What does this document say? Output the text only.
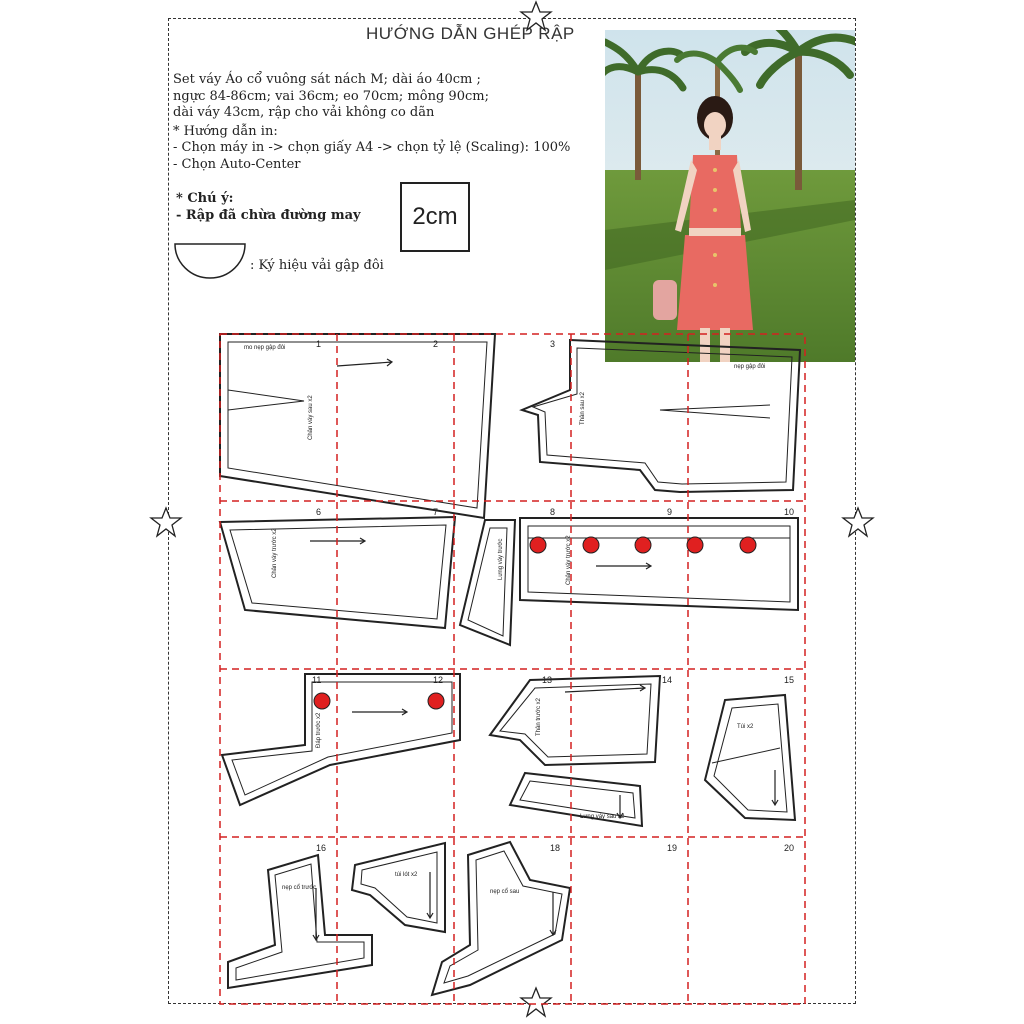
HƯỚNG DẪN GHÉP RẬP
Set váy Áo cổ vuông sát nách M; dài áo 40cm ;
ngực 84-86cm; vai 36cm; eo 70cm; mông 90cm;
dài váy 43cm, rập cho vải không co dãn
* Hướng dẫn in:
- Chọn máy in -> chọn giấy A4 -> chọn tỷ lệ (Scaling): 100%
- Chọn Auto-Center
* Chú ý:
- Rập đã chừa đường may 2cm
: Ký hiệu vải gập đôi
mo nẹp gập đôi
Chân váy sau x2	Thân sau x2
nẹp gập đôi
Chân váy trước x2	Lưng váy trước	Chân váy trước x2
Đáp trước x2	Thân trước x2
Lưng váy sau x2
Túi x2
nẹp cổ trước
túi lót x2
nẹp cổ sau
1	2	3
6	7	8	9	10
11	12	13	14	15
16	18	19	20
